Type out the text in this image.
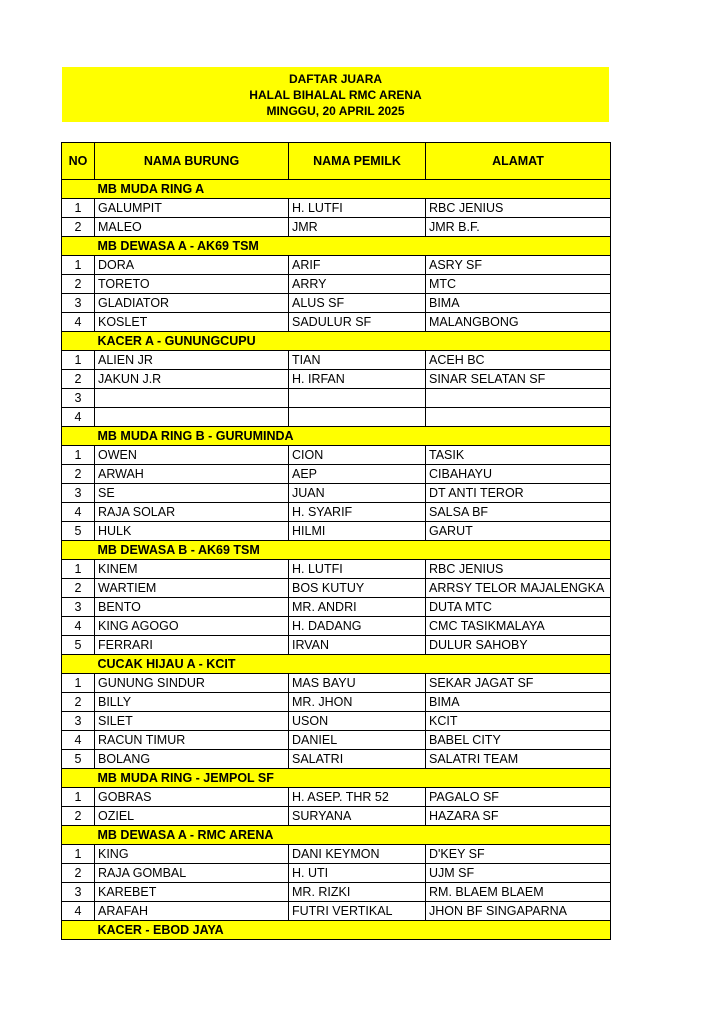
DAFTAR JUARA
HALAL BIHALAL RMC ARENA
MINGGU, 20 APRIL 2025
NO	NAMA BURUNG	NAMA PEMILK	ALAMAT
	MB MUDA RING A		
1	GALUMPIT	H. LUTFI	RBC JENIUS
2	MALEO	JMR	JMR B.F.
	MB DEWASA A - AK69 TSM		
1	DORA	ARIF	ASRY SF
2	TORETO	ARRY	MTC
3	GLADIATOR	ALUS SF	BIMA
4	KOSLET	SADULUR SF	MALANGBONG
	KACER A - GUNUNGCUPU		
1	ALIEN JR	TIAN	ACEH BC
2	JAKUN J.R	H. IRFAN	SINAR SELATAN SF
3			
4			
	MB MUDA RING B - GURUMINDA		
1	OWEN	CION	TASIK
2	ARWAH	AEP	CIBAHAYU
3	SE	JUAN	DT ANTI TEROR
4	RAJA SOLAR	H. SYARIF	SALSA BF
5	HULK	HILMI	GARUT
	MB DEWASA B - AK69 TSM		
1	KINEM	H. LUTFI	RBC JENIUS
2	WARTIEM	BOS KUTUY	ARRSY TELOR MAJALENGKA
3	BENTO	MR. ANDRI	DUTA MTC
4	KING AGOGO	H. DADANG	CMC TASIKMALAYA
5	FERRARI	IRVAN	DULUR SAHOBY
	CUCAK HIJAU A - KCIT		
1	GUNUNG SINDUR	MAS BAYU	SEKAR JAGAT SF
2	BILLY	MR. JHON	BIMA
3	SILET	USON	KCIT
4	RACUN TIMUR	DANIEL	BABEL CITY
5	BOLANG	SALATRI	SALATRI TEAM
	MB MUDA RING - JEMPOL SF		
1	GOBRAS	H. ASEP. THR 52	PAGALO SF
2	OZIEL	SURYANA	HAZARA SF
	MB DEWASA A - RMC ARENA		
1	KING	DANI KEYMON	D'KEY SF
2	RAJA GOMBAL	H. UTI	UJM SF
3	KAREBET	MR. RIZKI	RM. BLAEM BLAEM
4	ARAFAH	FUTRI VERTIKAL	JHON BF SINGAPARNA
	KACER - EBOD JAYA		
